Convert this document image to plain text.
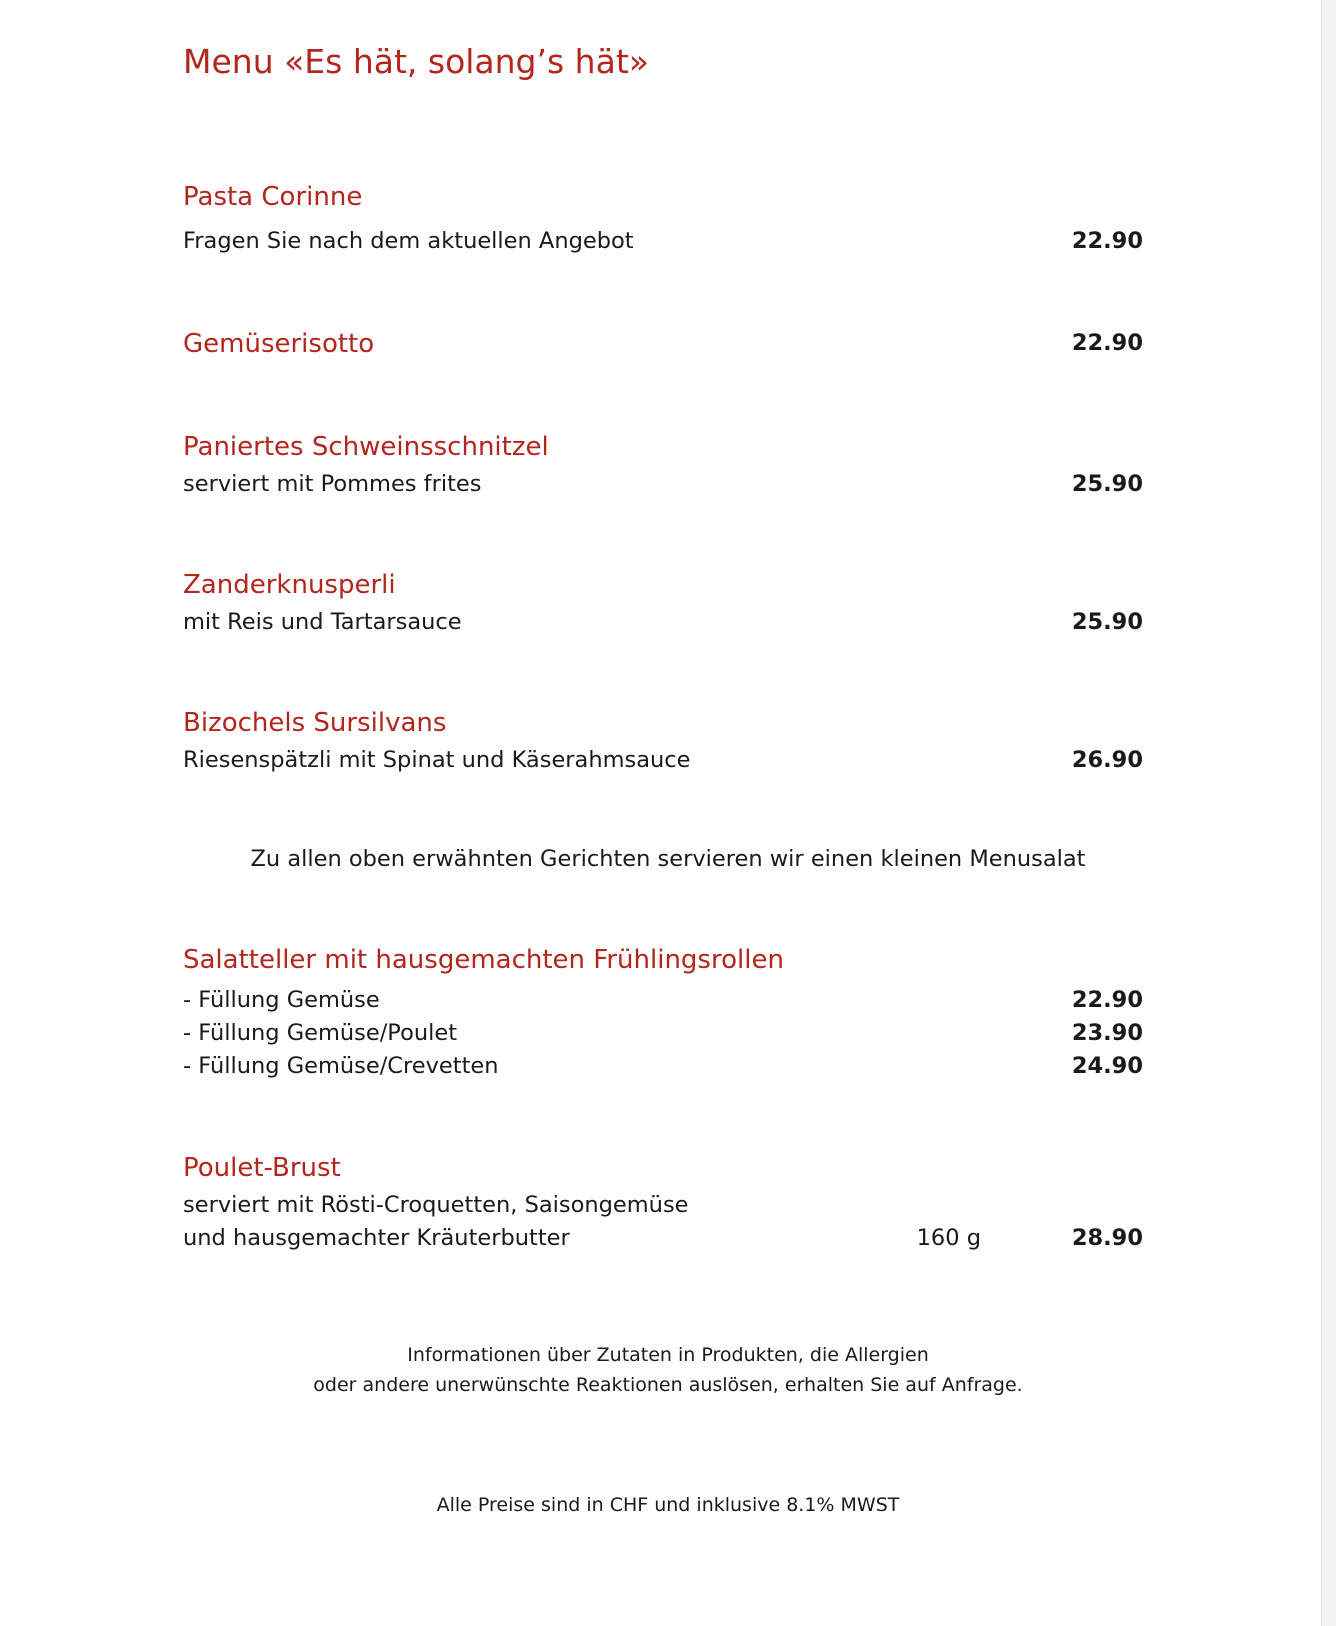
Menu «Es hät, solang’s hät»
Pasta Corinne
Fragen Sie nach dem aktuellen Angebot	22.90
Gemüserisotto	22.90
Paniertes Schweinsschnitzel
serviert mit Pommes frites	25.90
Zanderknusperli
mit Reis und Tartarsauce	25.90
Bizochels Sursilvans
Riesenspätzli mit Spinat und Käserahmsauce	26.90
Zu allen oben erwähnten Gerichten servieren wir einen kleinen Menusalat
Salatteller mit hausgemachten Frühlingsrollen
- Füllung Gemüse	22.90
- Füllung Gemüse/Poulet	23.90
- Füllung Gemüse/Crevetten	24.90
Poulet-Brust
serviert mit Rösti-Croquetten, Saisongemüse
und hausgemachter Kräuterbutter	160 g	28.90
Informationen über Zutaten in Produkten, die Allergien
oder andere unerwünschte Reaktionen auslösen, erhalten Sie auf Anfrage.
Alle Preise sind in CHF und inklusive 8.1% MWST
